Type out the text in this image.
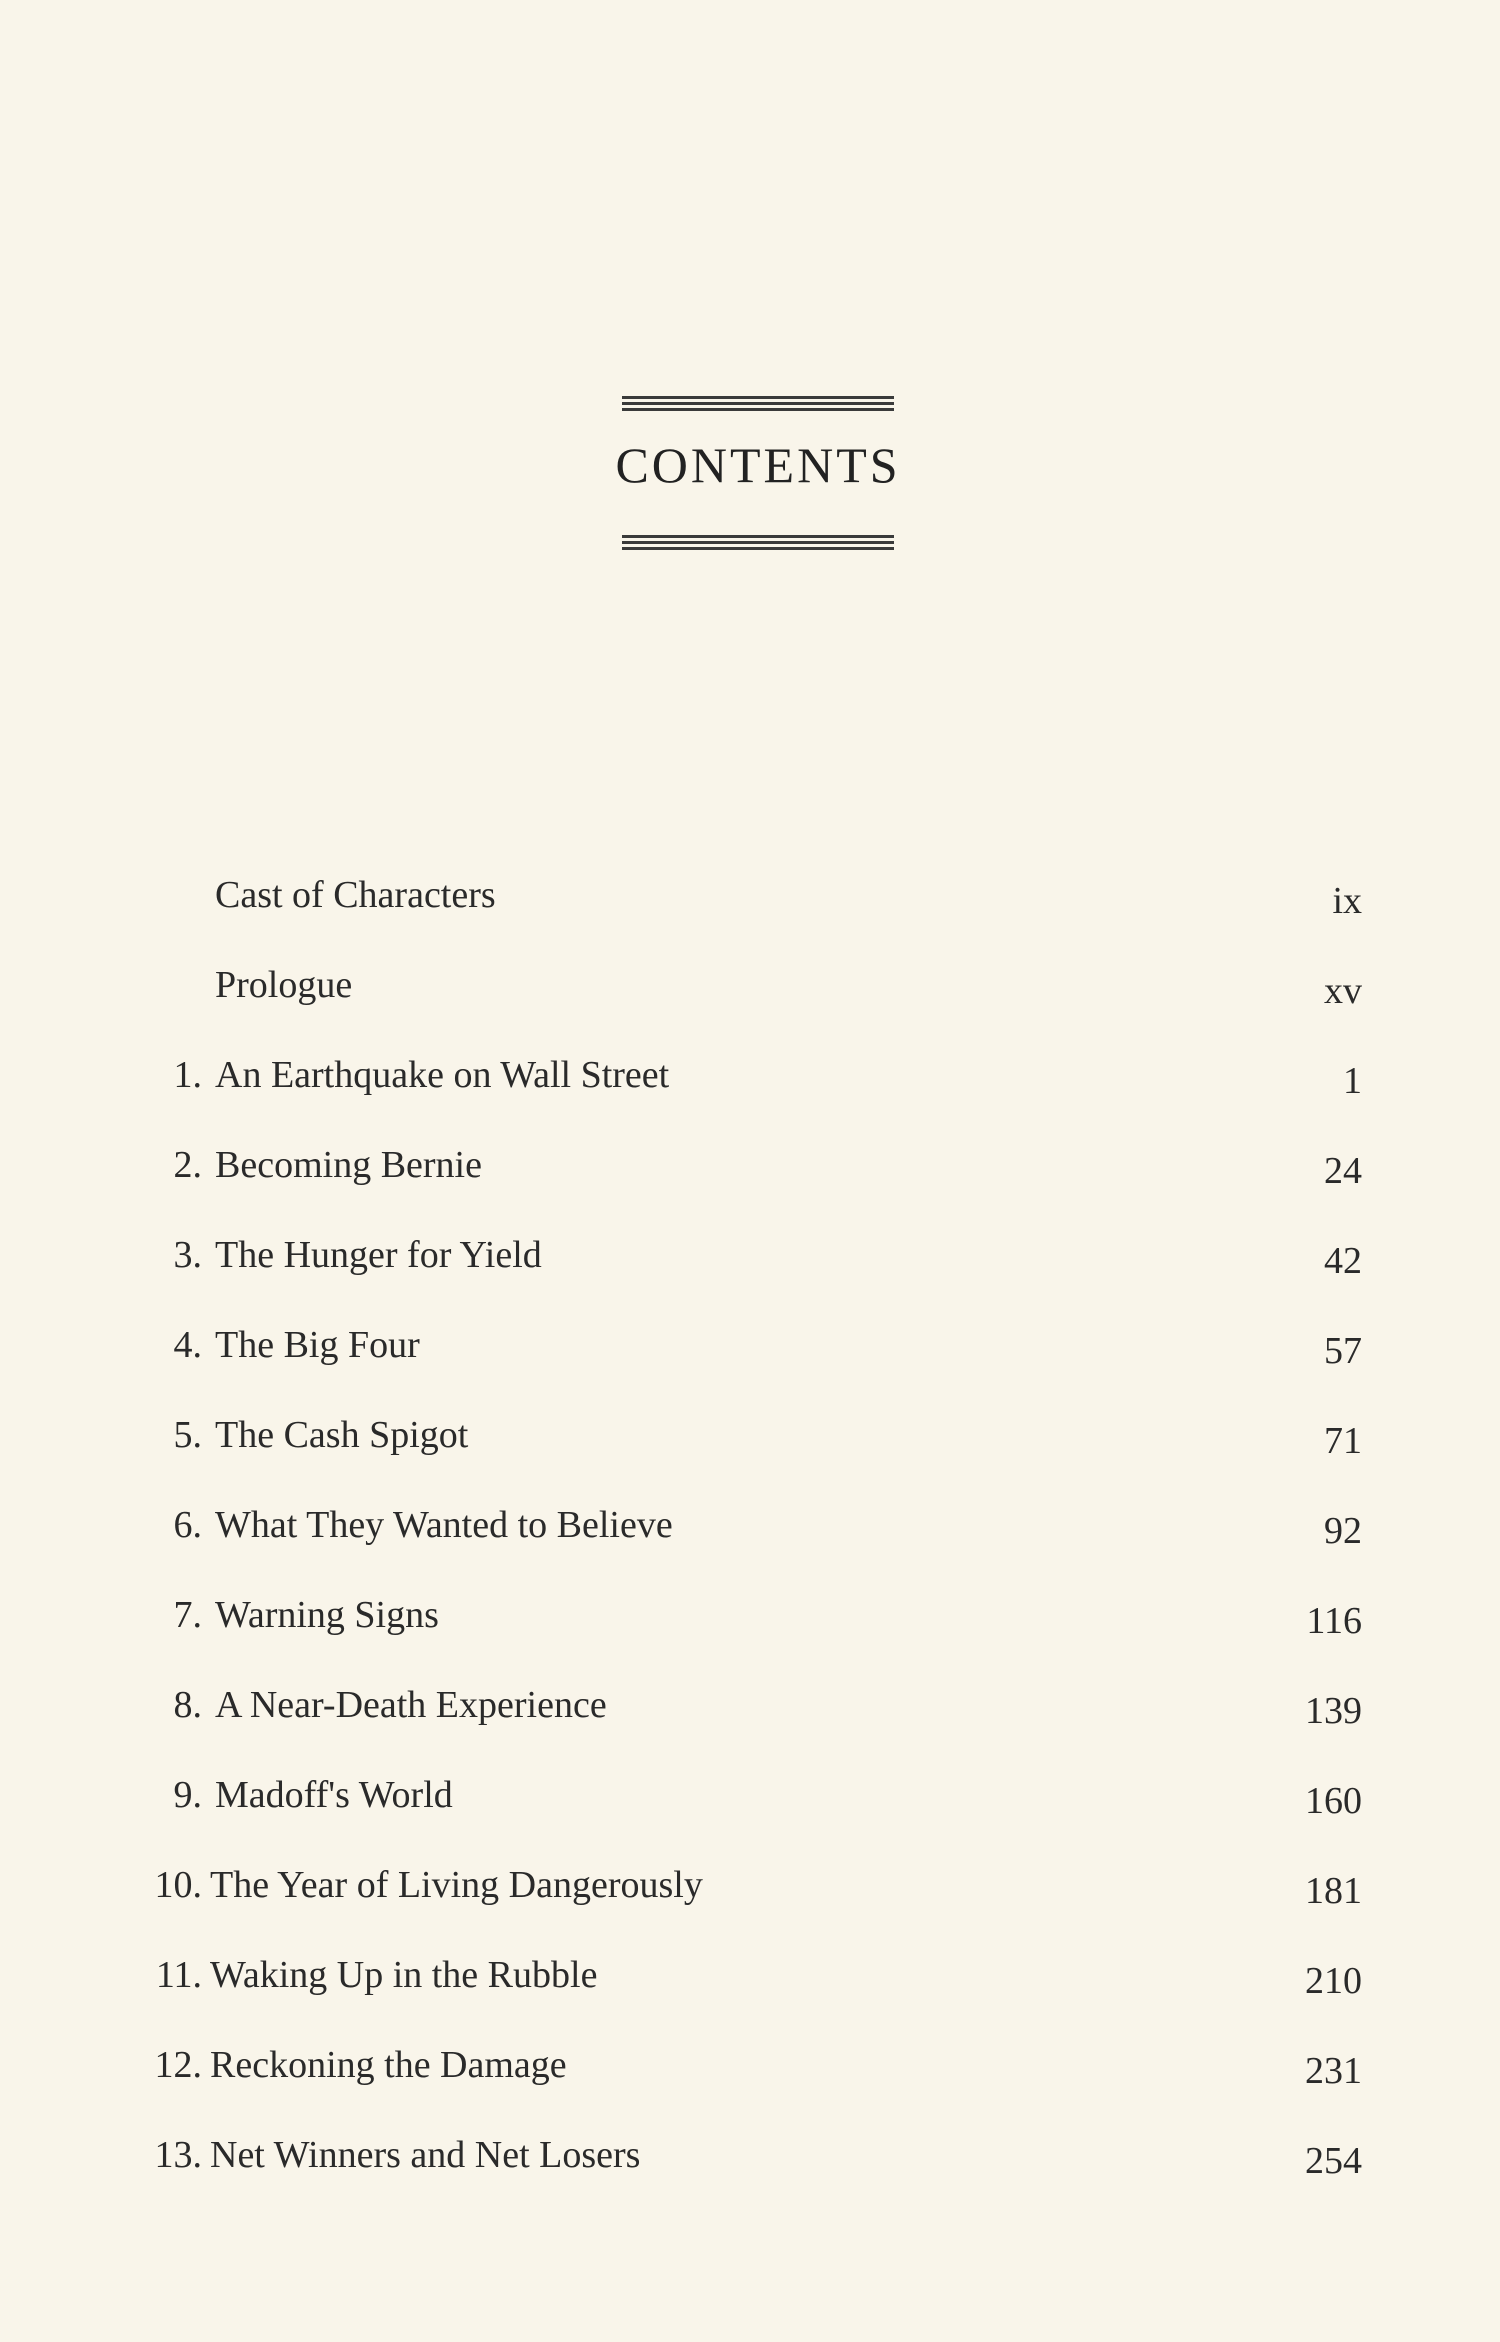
CONTENTS
Cast of Characters	ix
Prologue	xv
1. An Earthquake on Wall Street	1
2. Becoming Bernie	24
3. The Hunger for Yield	42
4. The Big Four	57
5. The Cash Spigot	71
6. What They Wanted to Believe	92
7. Warning Signs	116
8. A Near-Death Experience	139
9. Madoff's World	160
10. The Year of Living Dangerously	181
11. Waking Up in the Rubble	210
12. Reckoning the Damage	231
13. Net Winners and Net Losers	254
